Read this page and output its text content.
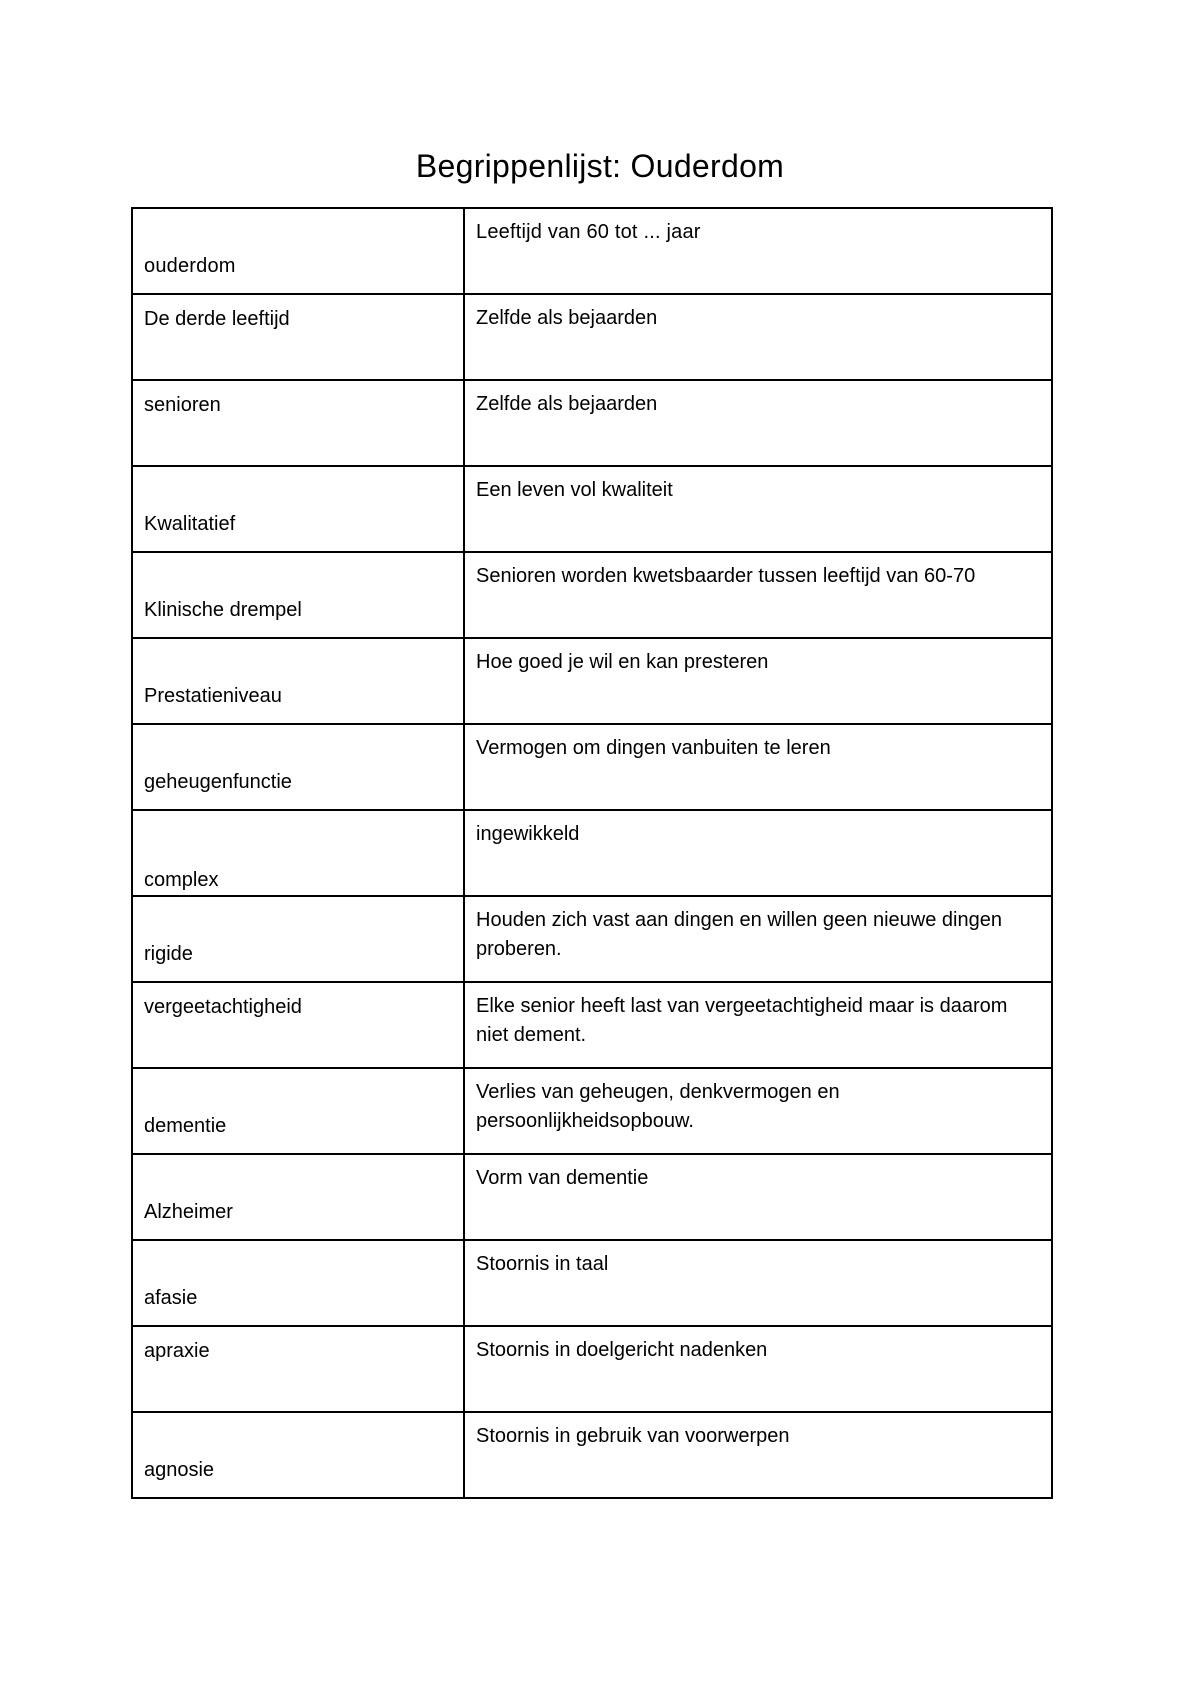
Begrippenlijst: Ouderdom
ouderdom	Leeftijd van 60 tot ... jaar
De derde leeftijd	Zelfde als bejaarden
senioren	Zelfde als bejaarden
Kwalitatief	Een leven vol kwaliteit
Klinische drempel	Senioren worden kwetsbaarder tussen leeftijd van 60-70
Prestatieniveau	Hoe goed je wil en kan presteren
geheugenfunctie	Vermogen om dingen vanbuiten te leren
complex	ingewikkeld
rigide	Houden zich vast aan dingen en willen geen nieuwe dingen proberen.
vergeetachtigheid	Elke senior heeft last van vergeetachtigheid maar is daarom niet dement.
dementie	Verlies van geheugen, denkvermogen en persoonlijkheidsopbouw.
Alzheimer	Vorm van dementie
afasie	Stoornis in taal
apraxie	Stoornis in doelgericht nadenken
agnosie	Stoornis in gebruik van voorwerpen
